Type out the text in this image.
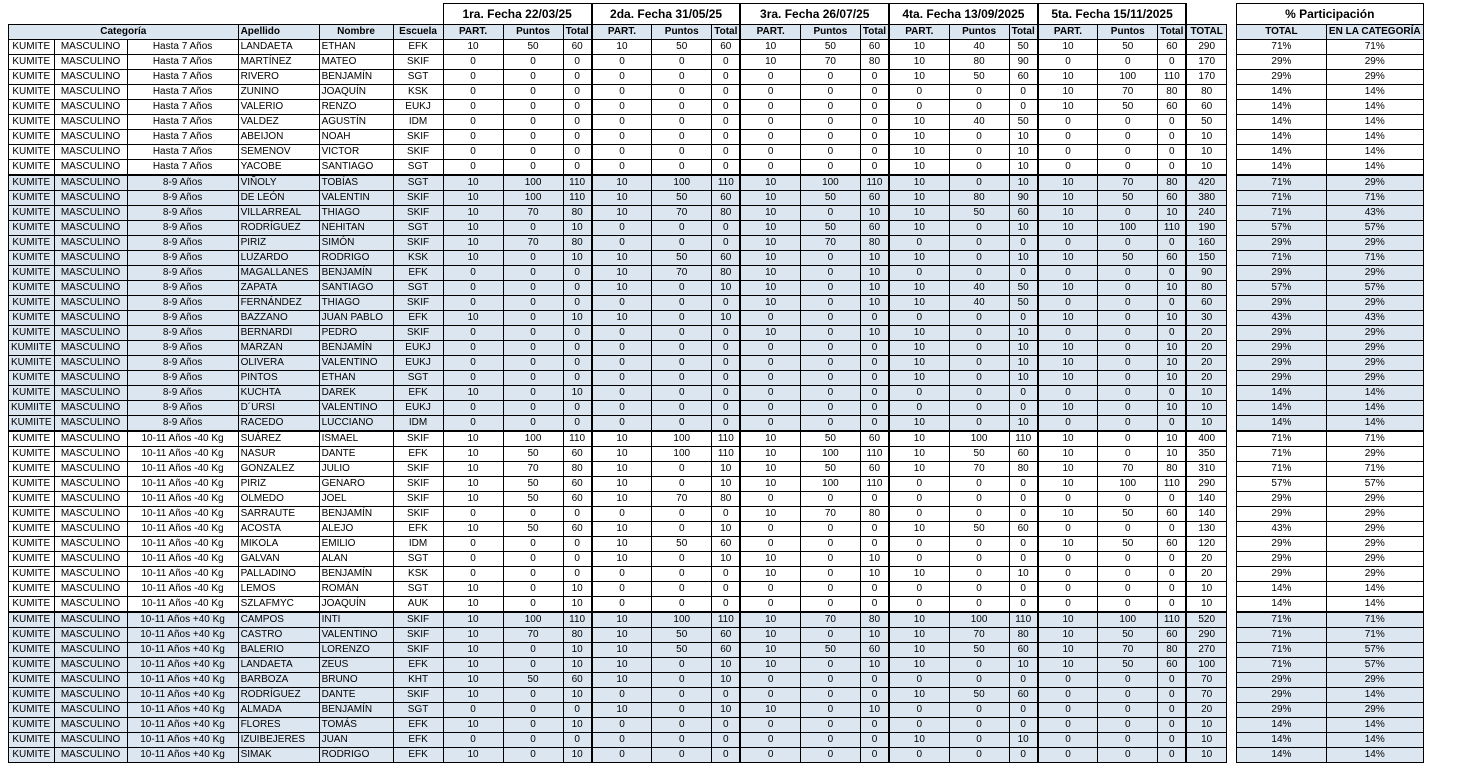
						1ra. Fecha 22/03/25			2da. Fecha 31/05/25			3ra. Fecha 26/07/25			4ta. Fecha 13/09/2025			5ta. Fecha 15/11/2025					% Participación	
Categoría			Apellido	Nombre	Escuela	PART.	Puntos	Total	PART.	Puntos	Total	PART.	Puntos	Total	PART.	Puntos	Total	PART.	Puntos	Total	TOTAL		TOTAL	EN LA CATEGORÍA
KUMITE	MASCULINO	Hasta 7 Años	LANDAETA	ETHAN	EFK	10	50	60	10	50	60	10	50	60	10	40	50	10	50	60	290		71%	71%
KUMITE	MASCULINO	Hasta 7 Años	MARTÍNEZ	MATEO	SKIF	0	0	0	0	0	0	10	70	80	10	80	90	0	0	0	170		29%	29%
KUMITE	MASCULINO	Hasta 7 Años	RIVERO	BENJAMÍN	SGT	0	0	0	0	0	0	0	0	0	10	50	60	10	100	110	170		29%	29%
KUMITE	MASCULINO	Hasta 7 Años	ZUNINO	JOAQUÍN	KSK	0	0	0	0	0	0	0	0	0	0	0	0	10	70	80	80		14%	14%
KUMITE	MASCULINO	Hasta 7 Años	VALERIO	RENZO	EUKJ	0	0	0	0	0	0	0	0	0	0	0	0	10	50	60	60		14%	14%
KUMITE	MASCULINO	Hasta 7 Años	VALDEZ	AGUSTÍN	IDM	0	0	0	0	0	0	0	0	0	10	40	50	0	0	0	50		14%	14%
KUMITE	MASCULINO	Hasta 7 Años	ABEIJON	NOAH	SKIF	0	0	0	0	0	0	0	0	0	10	0	10	0	0	0	10		14%	14%
KUMITE	MASCULINO	Hasta 7 Años	SEMENOV	VICTOR	SKIF	0	0	0	0	0	0	0	0	0	10	0	10	0	0	0	10		14%	14%
KUMITE	MASCULINO	Hasta 7 Años	YACOBE	SANTIAGO	SGT	0	0	0	0	0	0	0	0	0	10	0	10	0	0	0	10		14%	14%
KUMITE	MASCULINO	8-9 Años	VIÑOLY	TOBÍAS	SGT	10	100	110	10	100	110	10	100	110	10	0	10	10	70	80	420		71%	29%
KUMITE	MASCULINO	8-9 Años	DE LEÓN	VALENTIN	SKIF	10	100	110	10	50	60	10	50	60	10	80	90	10	50	60	380		71%	71%
KUMITE	MASCULINO	8-9 Años	VILLARREAL	THIAGO	SKIF	10	70	80	10	70	80	10	0	10	10	50	60	10	0	10	240		71%	43%
KUMITE	MASCULINO	8-9 Años	RODRÍGUEZ	NEHITAN	SGT	10	0	10	0	0	0	10	50	60	10	0	10	10	100	110	190		57%	57%
KUMITE	MASCULINO	8-9 Años	PIRIZ	SIMÓN	SKIF	10	70	80	0	0	0	10	70	80	0	0	0	0	0	0	160		29%	29%
KUMITE	MASCULINO	8-9 Años	LUZARDO	RODRIGO	KSK	10	0	10	10	50	60	10	0	10	10	0	10	10	50	60	150		71%	71%
KUMITE	MASCULINO	8-9 Años	MAGALLANES	BENJAMÍN	EFK	0	0	0	10	70	80	10	0	10	0	0	0	0	0	0	90		29%	29%
KUMITE	MASCULINO	8-9 Años	ZAPATA	SANTIAGO	SGT	0	0	0	10	0	10	10	0	10	10	40	50	10	0	10	80		57%	57%
KUMITE	MASCULINO	8-9 Años	FERNÁNDEZ	THIAGO	SKIF	0	0	0	0	0	0	10	0	10	10	40	50	0	0	0	60		29%	29%
KUMITE	MASCULINO	8-9 Años	BAZZANO	JUAN PABLO	EFK	10	0	10	10	0	10	0	0	0	0	0	0	10	0	10	30		43%	43%
KUMITE	MASCULINO	8-9 Años	BERNARDI	PEDRO	SKIF	0	0	0	0	0	0	10	0	10	10	0	10	0	0	0	20		29%	29%
KUMIITE	MASCULINO	8-9 Años	MARZAN	BENJAMÍN	EUKJ	0	0	0	0	0	0	0	0	0	10	0	10	10	0	10	20		29%	29%
KUMIITE	MASCULINO	8-9 Años	OLIVERA	VALENTINO	EUKJ	0	0	0	0	0	0	0	0	0	10	0	10	10	0	10	20		29%	29%
KUMITE	MASCULINO	8-9 Años	PINTOS	ETHAN	SGT	0	0	0	0	0	0	0	0	0	10	0	10	10	0	10	20		29%	29%
KUMITE	MASCULINO	8-9 Años	KUCHTA	DAREK	EFK	10	0	10	0	0	0	0	0	0	0	0	0	0	0	0	10		14%	14%
KUMIITE	MASCULINO	8-9 Años	D´URSI	VALENTINO	EUKJ	0	0	0	0	0	0	0	0	0	0	0	0	10	0	10	10		14%	14%
KUMIITE	MASCULINO	8-9 Años	RACEDO	LUCCIANO	IDM	0	0	0	0	0	0	0	0	0	10	0	10	0	0	0	10		14%	14%
KUMITE	MASCULINO	10-11 Años -40 Kg	SUÁREZ	ISMAEL	SKIF	10	100	110	10	100	110	10	50	60	10	100	110	10	0	10	400		71%	71%
KUMITE	MASCULINO	10-11 Años -40 Kg	NASUR	DANTE	EFK	10	50	60	10	100	110	10	100	110	10	50	60	10	0	10	350		71%	29%
KUMITE	MASCULINO	10-11 Años -40 Kg	GONZALEZ	JULIO	SKIF	10	70	80	10	0	10	10	50	60	10	70	80	10	70	80	310		71%	71%
KUMITE	MASCULINO	10-11 Años -40 Kg	PIRIZ	GENARO	SKIF	10	50	60	10	0	10	10	100	110	0	0	0	10	100	110	290		57%	57%
KUMITE	MASCULINO	10-11 Años -40 Kg	OLMEDO	JOEL	SKIF	10	50	60	10	70	80	0	0	0	0	0	0	0	0	0	140		29%	29%
KUMITE	MASCULINO	10-11 Años -40 Kg	SARRAUTE	BENJAMÍN	SKIF	0	0	0	0	0	0	10	70	80	0	0	0	10	50	60	140		29%	29%
KUMITE	MASCULINO	10-11 Años -40 Kg	ACOSTA	ALEJO	EFK	10	50	60	10	0	10	0	0	0	10	50	60	0	0	0	130		43%	29%
KUMITE	MASCULINO	10-11 Años -40 Kg	MIKOLA	EMILIO	IDM	0	0	0	10	50	60	0	0	0	0	0	0	10	50	60	120		29%	29%
KUMITE	MASCULINO	10-11 Años -40 Kg	GALVAN	ALAN	SGT	0	0	0	10	0	10	10	0	10	0	0	0	0	0	0	20		29%	29%
KUMITE	MASCULINO	10-11 Años -40 Kg	PALLADINO	BENJAMÍN	KSK	0	0	0	0	0	0	10	0	10	10	0	10	0	0	0	20		29%	29%
KUMITE	MASCULINO	10-11 Años -40 Kg	LEMOS	ROMÁN	SGT	10	0	10	0	0	0	0	0	0	0	0	0	0	0	0	10		14%	14%
KUMITE	MASCULINO	10-11 Años -40 Kg	SZLAFMYC	JOAQUÍN	AUK	10	0	10	0	0	0	0	0	0	0	0	0	0	0	0	10		14%	14%
KUMITE	MASCULINO	10-11 Años +40 Kg	CAMPOS	INTI	SKIF	10	100	110	10	100	110	10	70	80	10	100	110	10	100	110	520		71%	71%
KUMITE	MASCULINO	10-11 Años +40 Kg	CASTRO	VALENTINO	SKIF	10	70	80	10	50	60	10	0	10	10	70	80	10	50	60	290		71%	71%
KUMITE	MASCULINO	10-11 Años +40 Kg	BALERIO	LORENZO	SKIF	10	0	10	10	50	60	10	50	60	10	50	60	10	70	80	270		71%	57%
KUMITE	MASCULINO	10-11 Años +40 Kg	LANDAETA	ZEUS	EFK	10	0	10	10	0	10	10	0	10	10	0	10	10	50	60	100		71%	57%
KUMITE	MASCULINO	10-11 Años +40 Kg	BARBOZA	BRUNO	KHT	10	50	60	10	0	10	0	0	0	0	0	0	0	0	0	70		29%	29%
KUMITE	MASCULINO	10-11 Años +40 Kg	RODRÍGUEZ	DANTE	SKIF	10	0	10	0	0	0	0	0	0	10	50	60	0	0	0	70		29%	14%
KUMITE	MASCULINO	10-11 Años +40 Kg	ALMADA	BENJAMÍN	SGT	0	0	0	10	0	10	10	0	10	0	0	0	0	0	0	20		29%	29%
KUMITE	MASCULINO	10-11 Años +40 Kg	FLORES	TOMÁS	EFK	10	0	10	0	0	0	0	0	0	0	0	0	0	0	0	10		14%	14%
KUMITE	MASCULINO	10-11 Años +40 Kg	IZUIBEJERES	JUAN	EFK	0	0	0	0	0	0	0	0	0	10	0	10	0	0	0	10		14%	14%
KUMITE	MASCULINO	10-11 Años +40 Kg	SIMAK	RODRIGO	EFK	10	0	10	0	0	0	0	0	0	0	0	0	0	0	0	10		14%	14%
